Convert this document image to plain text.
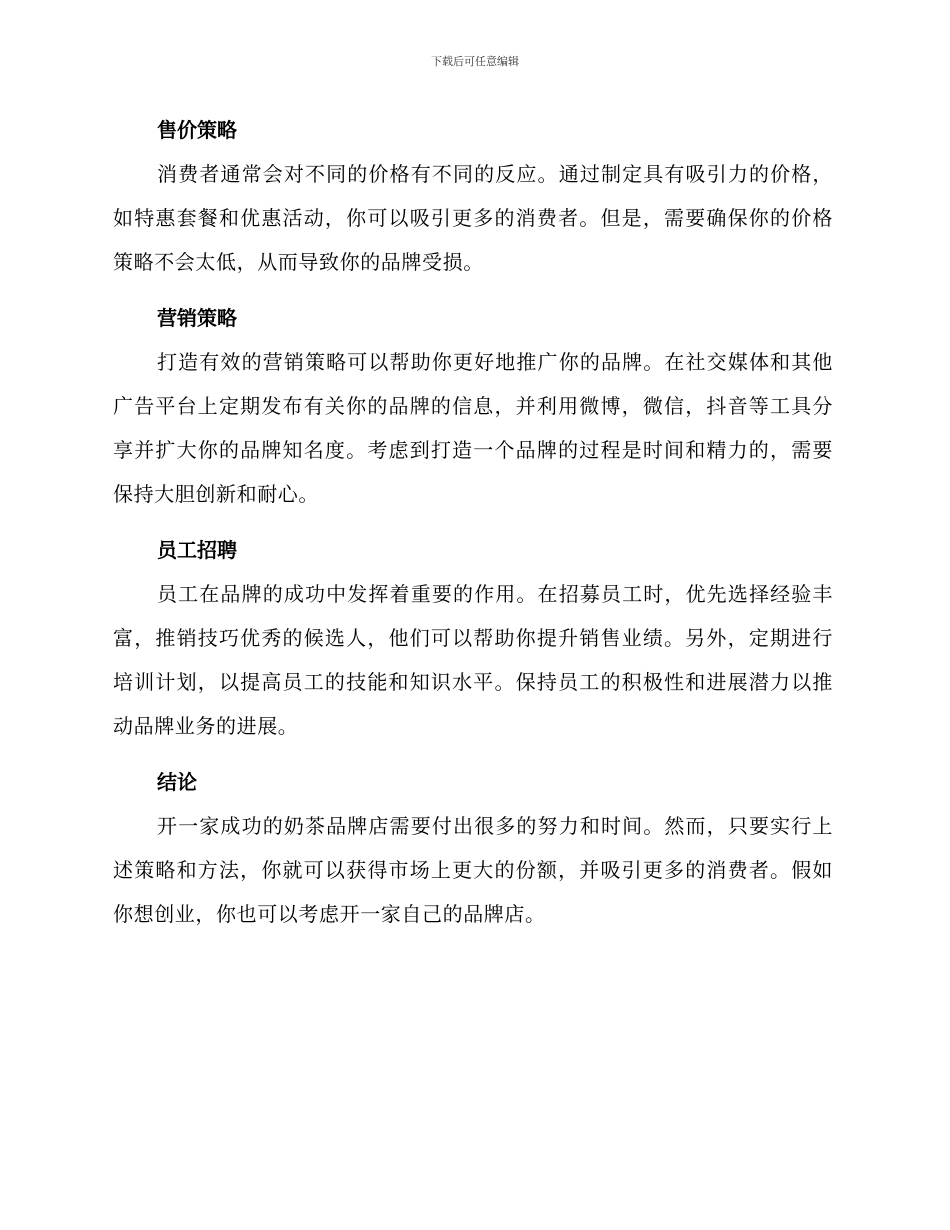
下载后可任意编辑
售价策略

消费者通常会对不同的价格有不同的反应。通过制定具有吸引力的价格，如特惠套餐和优惠活动，你可以吸引更多的消费者。但是，需要确保你的价格策略不会太低，从而导致你的品牌受损。

营销策略

打造有效的营销策略可以帮助你更好地推广你的品牌。在社交媒体和其他广告平台上定期发布有关你的品牌的信息，并利用微博，微信，抖音等工具分享并扩大你的品牌知名度。考虑到打造一个品牌的过程是时间和精力的，需要保持大胆创新和耐心。

员工招聘

员工在品牌的成功中发挥着重要的作用。在招募员工时，优先选择经验丰富，推销技巧优秀的候选人，他们可以帮助你提升销售业绩。另外，定期进行培训计划，以提高员工的技能和知识水平。保持员工的积极性和进展潜力以推动品牌业务的进展。

结论

开一家成功的奶茶品牌店需要付出很多的努力和时间。然而，只要实行上述策略和方法，你就可以获得市场上更大的份额，并吸引更多的消费者。假如你想创业，你也可以考虑开一家自己的品牌店。
